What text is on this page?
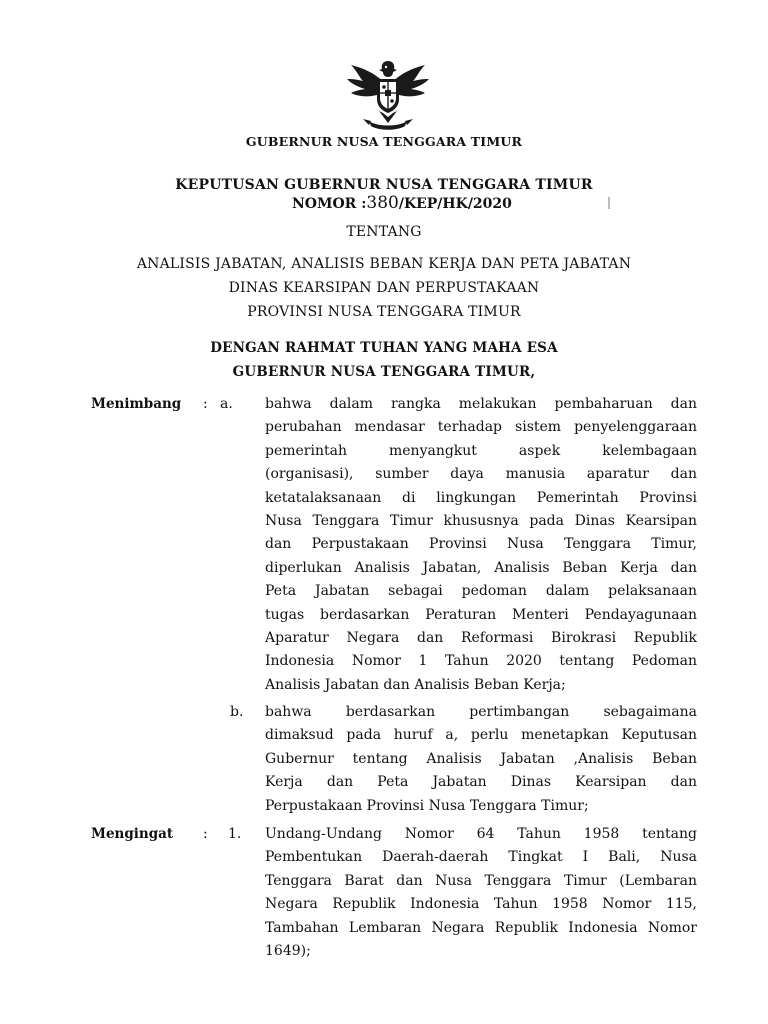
GUBERNUR NUSA TENGGARA TIMUR
KEPUTUSAN GUBERNUR NUSA TENGGARA TIMUR
NOMOR :380/KEP/HK/2020
TENTANG
ANALISIS JABATAN, ANALISIS BEBAN KERJA DAN PETA JABATAN
DINAS KEARSIPAN DAN PERPUSTAKAAN
PROVINSI NUSA TENGGARA TIMUR
DENGAN RAHMAT TUHAN YANG MAHA ESA
GUBERNUR NUSA TENGGARA TIMUR,
Menimbang : a. bahwa dalam rangka melakukan pembaharuan dan
perubahan mendasar terhadap sistem penyelenggaraan
pemerintah menyangkut aspek kelembagaan
(organisasi), sumber daya manusia aparatur dan
ketatalaksanaan di lingkungan Pemerintah Provinsi
Nusa Tenggara Timur khususnya pada Dinas Kearsipan
dan Perpustakaan Provinsi Nusa Tenggara Timur,
diperlukan Analisis Jabatan, Analisis Beban Kerja dan
Peta Jabatan sebagai pedoman dalam pelaksanaan
tugas berdasarkan Peraturan Menteri Pendayagunaan
Aparatur Negara dan Reformasi Birokrasi Republik
Indonesia Nomor 1 Tahun 2020 tentang Pedoman
Analisis Jabatan dan Analisis Beban Kerja;
b. bahwa berdasarkan pertimbangan sebagaimana
dimaksud pada huruf a, perlu menetapkan Keputusan
Gubernur tentang Analisis Jabatan ,Analisis Beban
Kerja dan Peta Jabatan Dinas Kearsipan dan
Perpustakaan Provinsi Nusa Tenggara Timur;
Mengingat : 1. Undang-Undang Nomor 64 Tahun 1958 tentang
Pembentukan Daerah-daerah Tingkat I Bali, Nusa
Tenggara Barat dan Nusa Tenggara Timur (Lembaran
Negara Republik Indonesia Tahun 1958 Nomor 115,
Tambahan Lembaran Negara Republik Indonesia Nomor
1649);
